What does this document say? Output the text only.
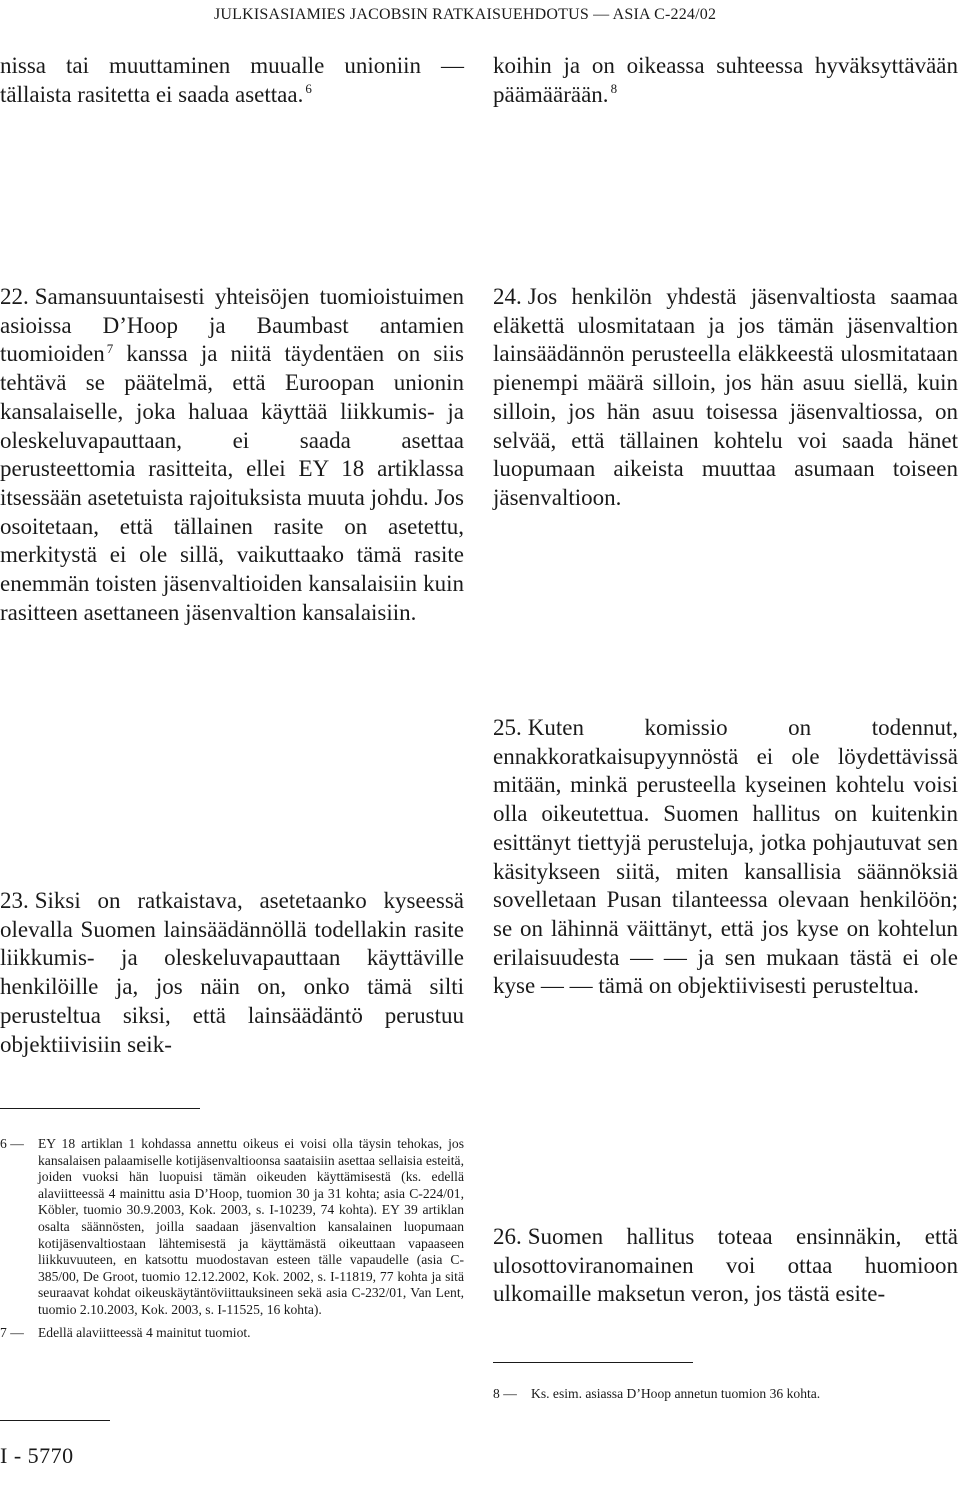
JULKISASIAMIES JACOBSIN RATKAISUEHDOTUS — ASIA C-224/02

nissa tai muuttaminen muualle unioniin — tällaista rasitetta ei saada asettaa. $^6$

22. Samansuuntaisesti yhteisöjen tuomioistuimen asioissa D’Hoop ja Baumbast antamien tuomioiden $^7$ kanssa ja niitä täydentäen on siis tehtävä se päätelmä, että Euroopan unionin kansalaiselle, joka haluaa käyttää liikkumis- ja oleskeluvapauttaan, ei saada asettaa perusteettomia rasitteita, ellei EY 18 artiklassa itsessään asetetuista rajoituksista muuta johdu. Jos osoitetaan, että tällainen rasite on asetettu, merkitystä ei ole sillä, vaikuttaako tämä rasite enemmän toisten jäsenvaltioiden kansalaisiin kuin rasitteen asettaneen jäsenvaltion kansalaisiin.

23. Siksi on ratkaistava, asetetaanko kyseessä olevalla Suomen lainsäädännöllä todellakin rasite liikkumis- ja oleskeluvapauttaan käyttäville henkilöille ja, jos näin on, onko tämä silti perusteltua siksi, että lainsäädäntö perustuu objektiivisiin seik-

6 — EY 18 artiklan 1 kohdassa annettu oikeus ei voisi olla täysin tehokas, jos kansalaisen palaamiselle kotijäsenvaltioonsa saataisiin asettaa sellaisia esteitä, joiden vuoksi hän luopuisi tämän oikeuden käyttämisestä (ks. edellä alaviitteessä 4 mainittu asia D’Hoop, tuomion 30 ja 31 kohta; asia C-224/01, Köbler, tuomio 30.9.2003, Kok. 2003, s. I-10239, 74 kohta). EY 39 artiklan osalta säännösten, joilla saadaan jäsenvaltion kansalainen luopumaan kotijäsenvaltiostaan lähtemisestä ja käyttämästä oikeuttaan vapaaseen liikkuvuuteen, en katsottu muodostavan esteen tälle vapaudelle (asia C-385/00, De Groot, tuomio 12.12.2002, Kok. 2002, s. I-11819, 77 kohta ja sitä seuraavat kohdat oikeuskäytäntöviittauksineen sekä asia C-232/01, Van Lent, tuomio 2.10.2003, Kok. 2003, s. I-11525, 16 kohta).
7 — Edellä alaviitteessä 4 mainitut tuomiot.
I - 5770

koihin ja on oikeassa suhteessa hyväksyttävään päämäärään. $^8$

24. Jos henkilön yhdestä jäsenvaltiosta saamaa eläkettä ulosmitataan ja jos tämän jäsenvaltion lainsäädännön perusteella eläkkeestä ulosmitataan pienempi määrä silloin, jos hän asuu siellä, kuin silloin, jos hän asuu toisessa jäsenvaltiossa, on selvää, että tällainen kohtelu voi saada hänet luopumaan aikeista muuttaa asumaan toiseen jäsenvaltioon.

25. Kuten komissio on todennut, ennakkoratkaisupyynnöstä ei ole löydettävissä mitään, minkä perusteella kyseinen kohtelu voisi olla oikeutettua. Suomen hallitus on kuitenkin esittänyt tiettyjä perusteluja, jotka pohjautuvat sen käsitykseen siitä, miten kansallisia säännöksiä sovelletaan Pusan tilanteessa olevaan henkilöön; se on lähinnä väittänyt, että jos kyse on kohtelun erilaisuudesta — — ja sen mukaan tästä ei ole kyse — — tämä on objektiivisesti perusteltua.

26. Suomen hallitus toteaa ensinnäkin, että ulosottoviranomainen voi ottaa huomioon ulkomaille maksetun veron, jos tästä esite-

8 — Ks. esim. asiassa D’Hoop annetun tuomion 36 kohta.
